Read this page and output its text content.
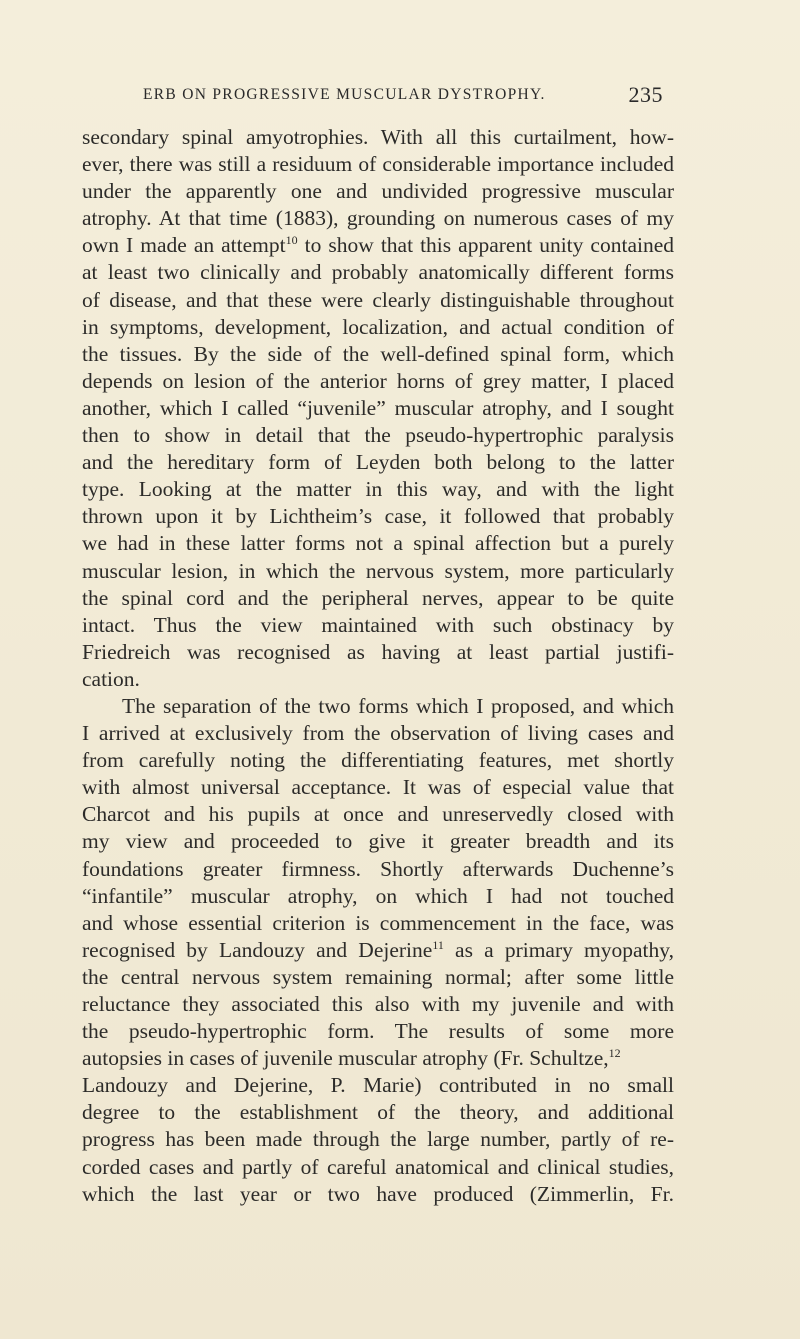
ERB ON PROGRESSIVE MUSCULAR DYSTROPHY.	235
secondary spinal amyotrophies. With all this curtailment, how-
ever, there was still a residuum of considerable importance included
under the apparently one and undivided progressive muscular
atrophy. At that time (1883), grounding on numerous cases of my
own I made an attempt$^{10}$ to show that this apparent unity contained
at least two clinically and probably anatomically different forms
of disease, and that these were clearly distinguishable throughout
in symptoms, development, localization, and actual condition of
the tissues. By the side of the well-defined spinal form, which
depends on lesion of the anterior horns of grey matter, I placed
another, which I called “juvenile” muscular atrophy, and I sought
then to show in detail that the pseudo-hypertrophic paralysis
and the hereditary form of Leyden both belong to the latter
type. Looking at the matter in this way, and with the light
thrown upon it by Lichtheim’s case, it followed that probably
we had in these latter forms not a spinal affection but a purely
muscular lesion, in which the nervous system, more particularly
the spinal cord and the peripheral nerves, appear to be quite
intact. Thus the view maintained with such obstinacy by
Friedreich was recognised as having at least partial justifi-
cation.
The separation of the two forms which I proposed, and which
I arrived at exclusively from the observation of living cases and
from carefully noting the differentiating features, met shortly
with almost universal acceptance. It was of especial value that
Charcot and his pupils at once and unreservedly closed with
my view and proceeded to give it greater breadth and its
foundations greater firmness. Shortly afterwards Duchenne’s
“infantile” muscular atrophy, on which I had not touched
and whose essential criterion is commencement in the face, was
recognised by Landouzy and Dejerine$^{11}$ as a primary myopathy,
the central nervous system remaining normal; after some little
reluctance they associated this also with my juvenile and with
the pseudo-hypertrophic form. The results of some more
autopsies in cases of juvenile muscular atrophy (Fr. Schultze,$^{12}$
Landouzy and Dejerine, P. Marie) contributed in no small
degree to the establishment of the theory, and additional
progress has been made through the large number, partly of re-
corded cases and partly of careful anatomical and clinical studies,
which the last year or two have produced (Zimmerlin, Fr.
